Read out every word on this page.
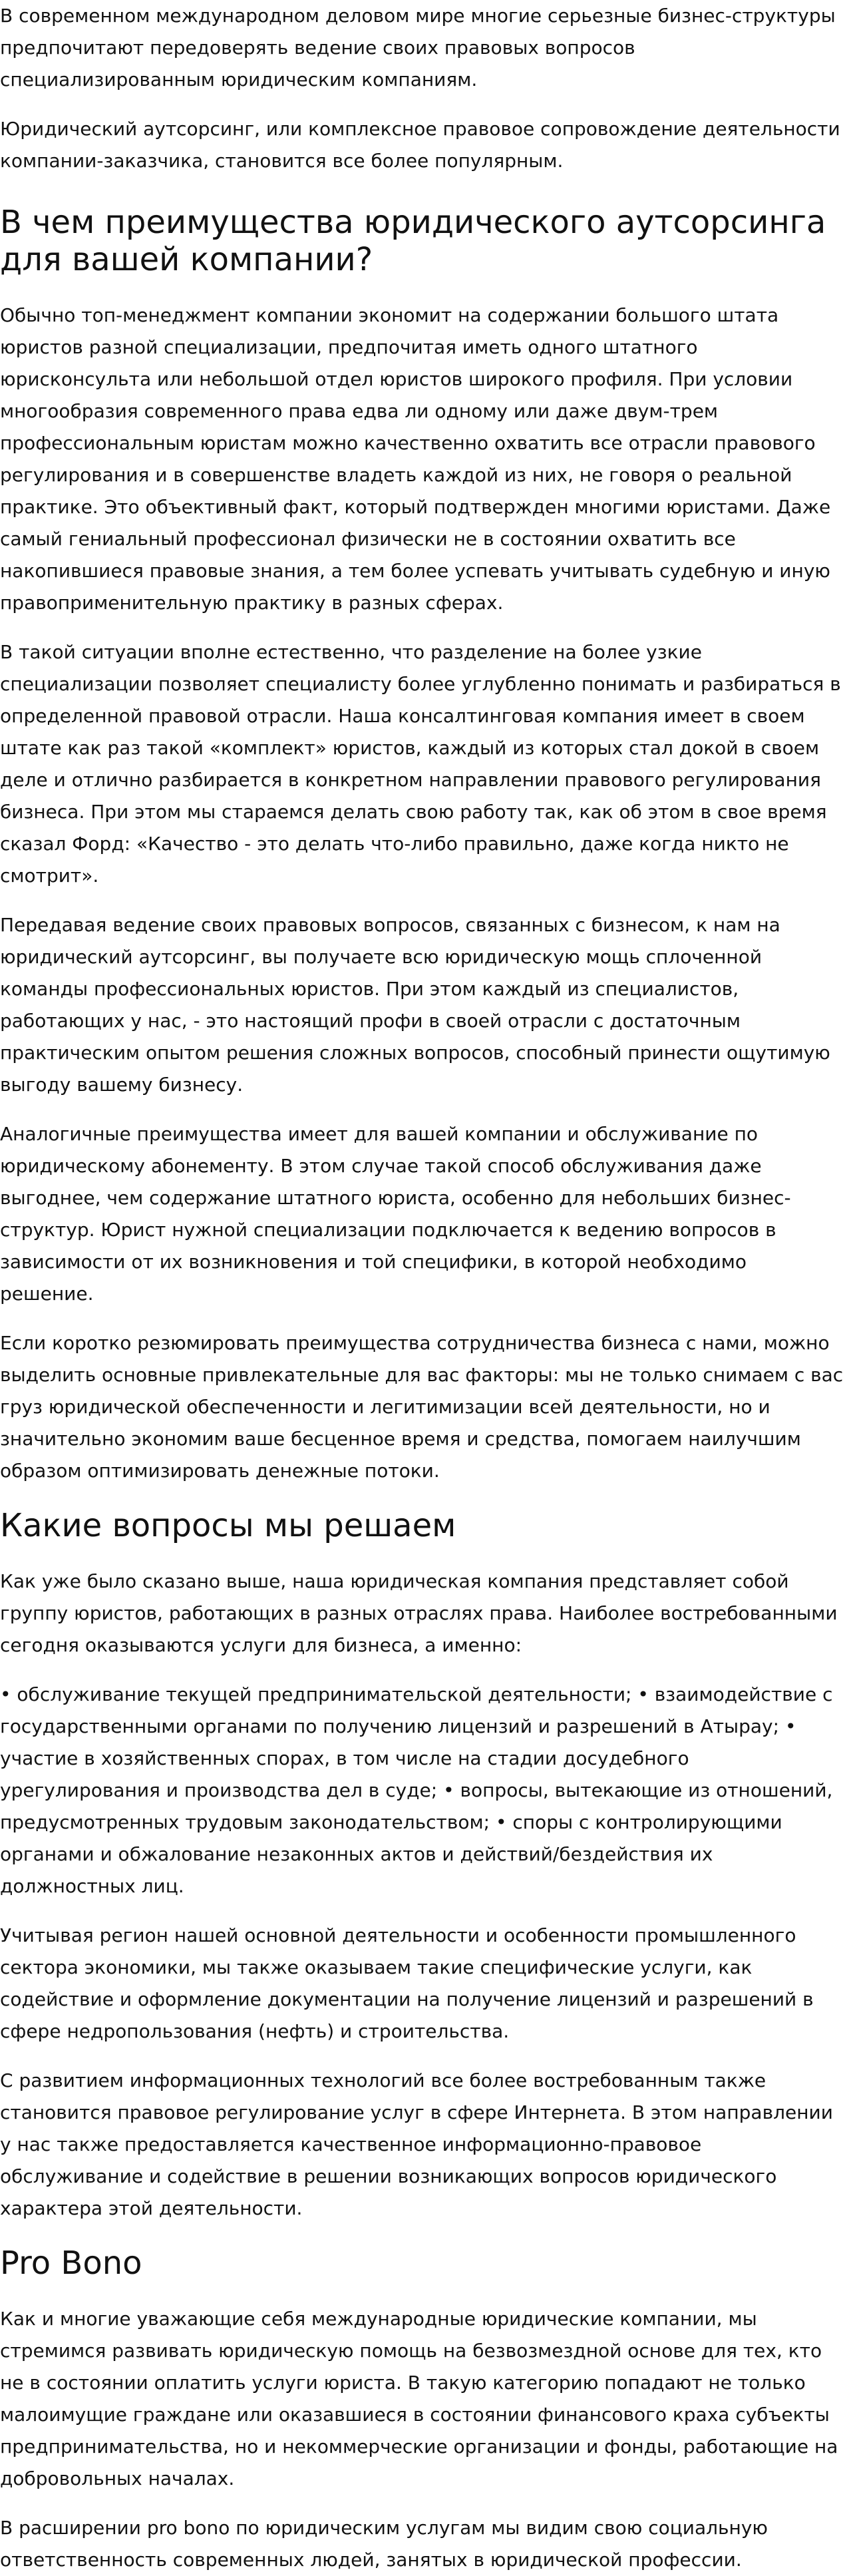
В современном международном деловом мире многие серьезные бизнес-структуры предпочитают передоверять ведение своих правовых вопросов специализированным юридическим компаниям.

Юридический аутсорсинг, или комплексное правовое сопровождение деятельности компании-заказчика, становится все более популярным.

В чем преимущества юридического аутсорсинга для вашей компании?

Обычно топ-менеджмент компании экономит на содержании большого штата юристов разной специализации, предпочитая иметь одного штатного юрисконсульта или небольшой отдел юристов широкого профиля. При условии многообразия современного права едва ли одному или даже двум-трем профессиональным юристам можно качественно охватить все отрасли правового регулирования и в совершенстве владеть каждой из них, не говоря о реальной практике. Это объективный факт, который подтвержден многими юристами. Даже самый гениальный профессионал физически не в состоянии охватить все накопившиеся правовые знания, а тем более успевать учитывать судебную и иную правоприменительную практику в разных сферах.

В такой ситуации вполне естественно, что разделение на более узкие специализации позволяет специалисту более углубленно понимать и разбираться в определенной правовой отрасли. Наша консалтинговая компания имеет в своем штате как раз такой «комплект» юристов, каждый из которых стал докой в своем деле и отлично разбирается в конкретном направлении правового регулирования бизнеса. При этом мы стараемся делать свою работу так, как об этом в свое время сказал Форд: «Качество - это делать что-либо правильно, даже когда никто не смотрит».

Передавая ведение своих правовых вопросов, связанных с бизнесом, к нам на юридический аутсорсинг, вы получаете всю юридическую мощь сплоченной команды профессиональных юристов. При этом каждый из специалистов, работающих у нас, - это настоящий профи в своей отрасли с достаточным практическим опытом решения сложных вопросов, способный принести ощутимую выгоду вашему бизнесу.

Аналогичные преимущества имеет для вашей компании и обслуживание по юридическому абонементу. В этом случае такой способ обслуживания даже выгоднее, чем содержание штатного юриста, особенно для небольших бизнес-структур. Юрист нужной специализации подключается к ведению вопросов в зависимости от их возникновения и той специфики, в которой необходимо решение.

Если коротко резюмировать преимущества сотрудничества бизнеса с нами, можно выделить основные привлекательные для вас факторы: мы не только снимаем с вас груз юридической обеспеченности и легитимизации всей деятельности, но и значительно экономим ваше бесценное время и средства, помогаем наилучшим образом оптимизировать денежные потоки.

Какие вопросы мы решаем

Как уже было сказано выше, наша юридическая компания представляет собой группу юристов, работающих в разных отраслях права. Наиболее востребованными сегодня оказываются услуги для бизнеса, а именно:

• обслуживание текущей предпринимательской деятельности; • взаимодействие с государственными органами по получению лицензий и разрешений в Атырау; • участие в хозяйственных спорах, в том числе на стадии досудебного урегулирования и производства дел в суде; • вопросы, вытекающие из отношений, предусмотренных трудовым законодательством; • споры с контролирующими органами и обжалование незаконных актов и действий/бездействия их должностных лиц.

Учитывая регион нашей основной деятельности и особенности промышленного сектора экономики, мы также оказываем такие специфические услуги, как содействие и оформление документации на получение лицензий и разрешений в сфере недропользования (нефть) и строительства.

С развитием информационных технологий все более востребованным также становится правовое регулирование услуг в сфере Интернета. В этом направлении у нас также предоставляется качественное информационно-правовое обслуживание и содействие в решении возникающих вопросов юридического характера этой деятельности.

Pro Bono

Как и многие уважающие себя международные юридические компании, мы стремимся развивать юридическую помощь на безвозмездной основе для тех, кто не в состоянии оплатить услуги юриста. В такую категорию попадают не только малоимущие граждане или оказавшиеся в состоянии финансового краха субъекты предпринимательства, но и некоммерческие организации и фонды, работающие на добровольных началах.

В расширении pro bono по юридическим услугам мы видим свою социальную ответственность современных людей, занятых в юридической профессии.
